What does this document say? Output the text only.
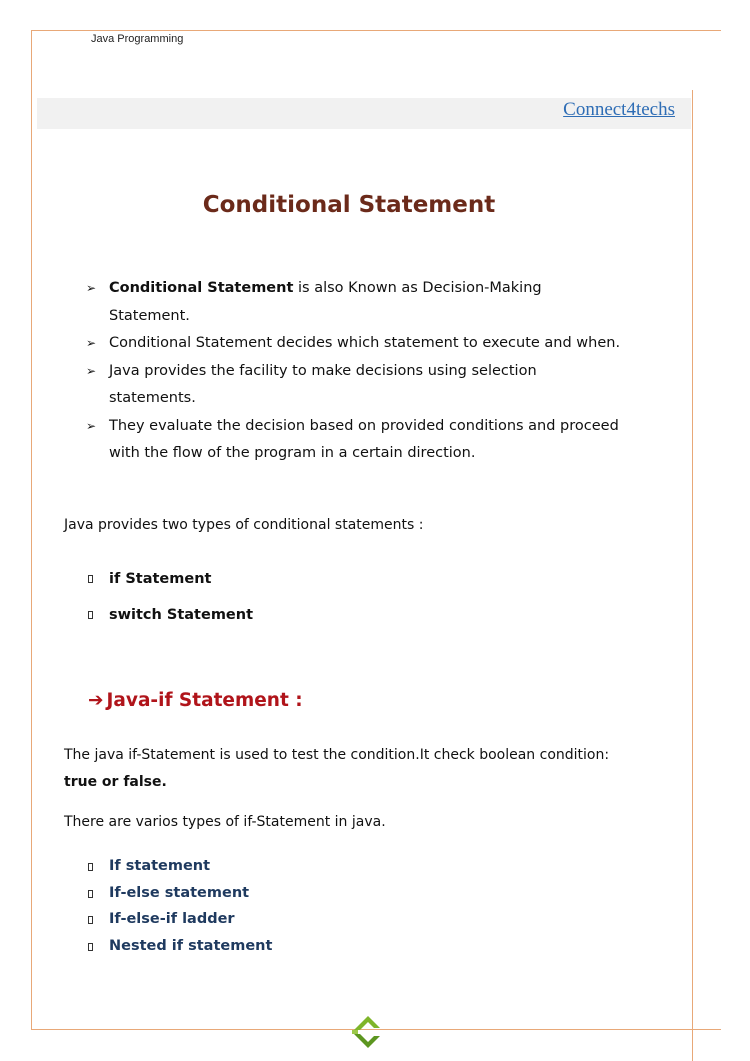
Java Programming
Connect4techs
Conditional Statement
➢ Conditional Statement is also Known as Decision-Making Statement.
➢ Conditional Statement decides which statement to execute and when.
➢ Java provides the facility to make decisions using selection statements.
➢ They evaluate the decision based on provided conditions and proceed with the flow of the program in a certain direction.

Java provides two types of conditional statements :

if Statement
switch Statement
➔ Java-if Statement :

The java if-Statement is used to test the condition.It check boolean condition:
true or false.

There are varios types of if-Statement in java.

If statement
If-else statement
If-else-if ladder
Nested if statement
